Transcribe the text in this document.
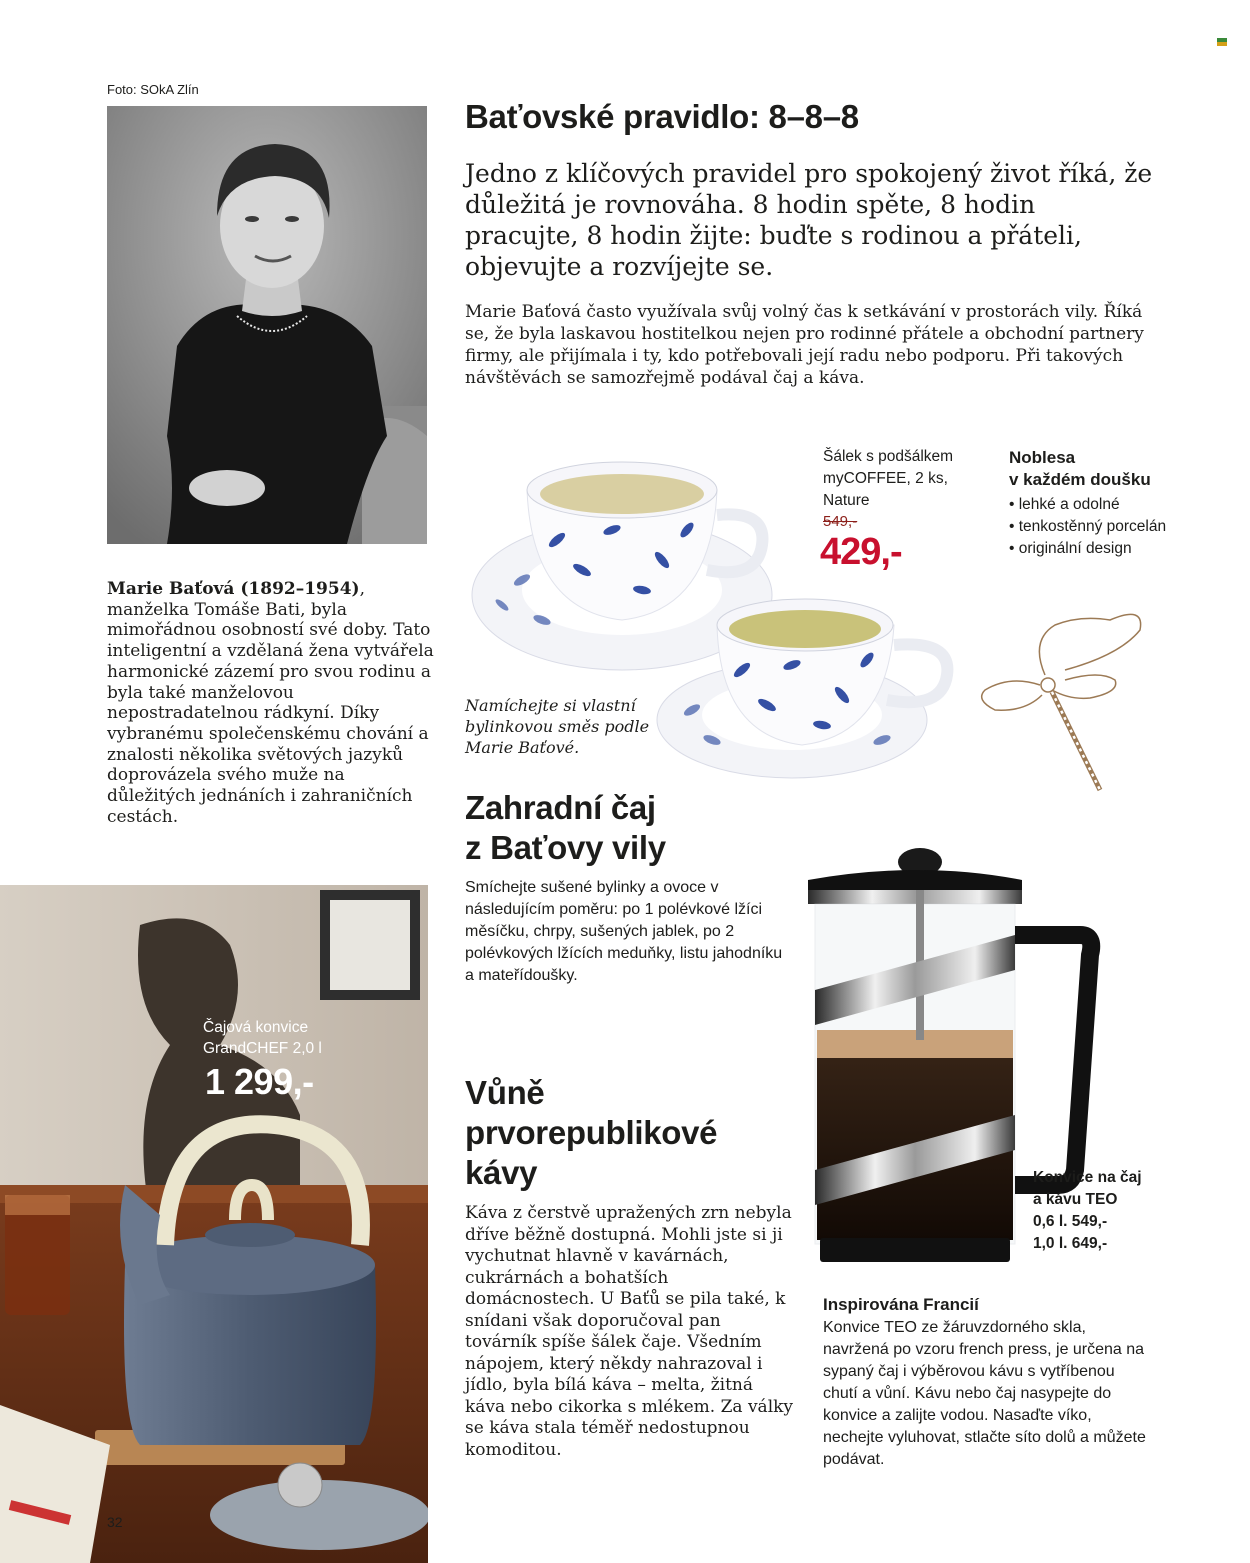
Foto: SOkA Zlín
Baťovské pravidlo: 8–8–8

Jedno z klíčových pravidel pro spokojený život říká, že důležitá je rovnováha. 8 hodin spěte, 8 hodin pracujte, 8 hodin žijte: buďte s rodinou a přáteli, objevujte a rozvíjejte se.

Marie Baťová často využívala svůj volný čas k setkávání v prostorách vily. Říká se, že byla laskavou hostitelkou nejen pro rodinné přátele a obchodní partnery firmy, ale přijímala i ty, kdo potřebovali její radu nebo podporu. Při takových návštěvách se samozřejmě podával čaj a káva.

Marie Baťová (1892–1954), manželka Tomáše Bati, byla mimořádnou osobností své doby. Tato inteligentní a vzdělaná žena vytvářela harmonické zázemí pro svou rodinu a byla také manželovou nepostradatelnou rádkyní. Díky vybranému společenskému chování a znalosti několika světových jazyků doprovázela svého muže na důležitých jednáních i zahraničních cestách.

Šálek s podšálkem
myCOFFEE, 2 ks,
Nature
549,-
429,-
Noblesa
v každém doušku
• lehké a odolné
• tenkostěnný porcelán
• originální design

Namíchejte si vlastní bylinkovou směs podle Marie Baťové.

Zahradní čaj
z Baťovy vily

Smíchejte sušené bylinky a ovoce v následujícím poměru: po 1 polévkové lžíci měsíčku, chrpy, sušených jablek, po 2 polévkových lžících meduňky, listu jahodníku a mateřídoušky.

Vůně
prvorepublikové
kávy

Káva z čerstvě upražených zrn nebyla dříve běžně dostupná. Mohli jste si ji vychutnat hlavně v kavárnách, cukrárnách a bohatších domácnostech. U Baťů se pila také, k snídani však doporučoval pan továrník spíše šálek čaje. Všedním nápojem, který někdy nahrazoval i jídlo, byla bílá káva – melta, žitná káva nebo cikorka s mlékem. Za války se káva stala téměř nedostupnou komoditou.

Čajová konvice
GrandCHEF 2,0 l
1 299,-
32
Konvice na čaj
a kávu TEO
0,6 l. 549,-
1,0 l. 649,-
Inspirována Francií

Konvice TEO ze žáruvzdorného skla, navržená po vzoru french press, je určena na sypaný čaj i výběrovou kávu s vytříbenou chutí a vůní. Kávu nebo čaj nasypejte do konvice a zalijte vodou. Nasaďte víko, nechejte vyluhovat, stlačte síto dolů a můžete podávat.
